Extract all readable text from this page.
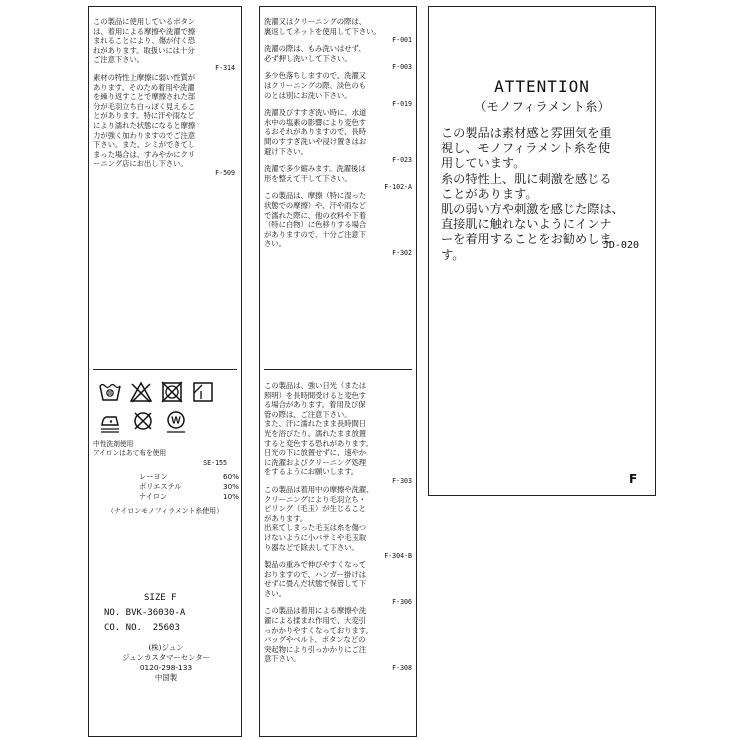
この製品に使用しているボタン
は、着用による摩擦や洗濯で擦
まれることにより、傷が付く恐
れがあります。取扱いには十分
ご注意下さい。
F-314
素材の特性上摩擦に弱い性質が
あります。そのため着用や洗濯
を繰り返すことで摩擦された部
分が毛羽立ち白っぽく見えるこ
とがあります。特に汗や雨など
により濡れた状態になると摩擦
力が強く加わりますのでご注意
下さい。また、シミができてし
まった場合は、すみやかにクリ
ーニング店にお出し下さい。
F-509
W
中性洗剤使用
アイロンはあて布を使用
SE-155
レーヨン	60%
ポリエステル	30%
ナイロン	10%
（ナイロンモノフィラメント糸使用）
SIZE F
NO. BVK-36030-A
CO. NO.  25603
(株)ジュン
ジュンカスタマーセンター
0120-298-133
中国製
洗濯又はクリーニングの際は、
裏返してネットを使用して下さい。
F-001
洗濯の際は、もみ洗いはせず、
必ず押し洗いして下さい。
F-003
多少色落ちしますので、洗濯又
はクリーニングの際、淡色のも
のとは別にお洗い下さい。
F-019
洗濯及びすすぎ洗い時に、水道
水中の塩素の影響により変色す
るおそれがありますので、長時
間のすすぎ洗いや浸け置きはお
避け下さい。
F-023
洗濯で多少縮みます。洗濯後は
形を整えて干して下さい。
F-102-A
この製品は、摩擦（特に湿った
状態での摩擦）や、汗や雨など
で濡れた際に、他の衣料や下着
（特に白物）に色移りする場合
がありますので、十分ご注意下
さい。
F-302
この製品は、強い日光（または
照明）を長時間受けると変色す
る場合があります。着用及び保
管の際は、ご注意下さい。
また、汗に濡れたまま長時間日
光を浴びたり、濡れたまま放置
すると変色する恐れがあります。
日光の下に放置せずに、速やか
に洗濯およびクリーニング処理
をするようにお願いします。
F-303
この製品は着用中の摩擦や洗濯、
クリーニングにより毛羽立ち・
ピリング（毛玉）が生じること
があります。
出来てしまった毛玉は糸を傷つ
けないように小バサミや毛玉取
り器などで除去して下さい。
F-304-B
製品の重みで伸びやすくなって
おりますので、ハンガー掛けは
せずに畳んだ状態で保管して下
さい。
F-306
この製品は着用による摩擦や洗
濯による揉まれ作用で、大変引
っかかりやすくなっております。
バッグやベルト、ボタンなどの
突起物により引っかかりにご注
意下さい。
F-308
ATTENTION
（モノフィラメント糸）
この製品は素材感と雰囲気を重
視し、モノフィラメント糸を使
用しています。
糸の特性上、肌に刺激を感じる
ことがあります。
肌の弱い方や刺激を感じた際は、
直接肌に触れないようにインナ
ーを着用することをお勧めしま
す。
JD-020
F
